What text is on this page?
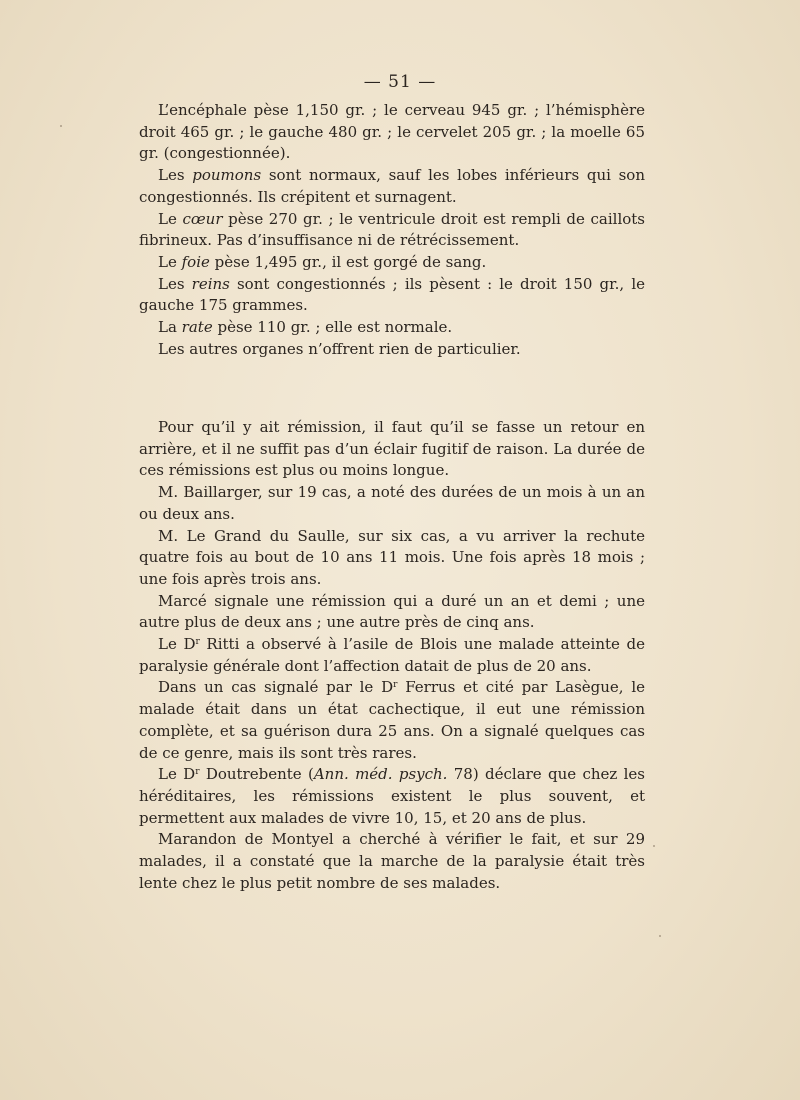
— 51 —

L’encéphale pèse 1,150 gr. ; le cerveau 945 gr. ; l’hémisphère droit 465 gr. ; le gauche 480 gr. ; le cervelet 205 gr. ; la moelle 65 gr. (congestionnée).

Les poumons sont normaux, sauf les lobes inférieurs qui son congestionnés. Ils crépitent et surnagent.

Le cœur pèse 270 gr. ; le ventricule droit est rempli de caillots fibrineux. Pas d’insuffisance ni de rétrécissement.

Le foie pèse 1,495 gr., il est gorgé de sang.

Les reins sont congestionnés ; ils pèsent : le droit 150 gr., le gauche 175 grammes.

La rate pèse 110 gr. ; elle est normale.

Les autres organes n’offrent rien de particulier.

Pour qu’il y ait rémission, il faut qu’il se fasse un retour en arrière, et il ne suffit pas d’un éclair fugitif de raison. La durée de ces rémissions est plus ou moins longue.

M. Baillarger, sur 19 cas, a noté des durées de un mois à un an ou deux ans.

M. Le Grand du Saulle, sur six cas, a vu arriver la rechute quatre fois au bout de 10 ans 11 mois. Une fois après 18 mois ; une fois après trois ans.

Marcé signale une rémission qui a duré un an et demi ; une autre plus de deux ans ; une autre près de cinq ans.

Le $D^r$ Ritti a observé à l’asile de Blois une malade atteinte de paralysie générale dont l’affection datait de plus de 20 ans.

Dans un cas signalé par le $D^r$ Ferrus et cité par Lasègue, le malade était dans un état cachectique, il eut une rémission complète, et sa guérison dura 25 ans. On a signalé quelques cas de ce genre, mais ils sont très rares.

Le $D^r$ Doutrebente (Ann. méd. psych. 78) déclare que chez les héréditaires, les rémissions existent le plus souvent, et permettent aux malades de vivre 10, 15, et 20 ans de plus.

Marandon de Montyel a cherché à vérifier le fait, et sur 29 malades, il a constaté que la marche de la paralysie était très lente chez le plus petit nombre de ses malades.
